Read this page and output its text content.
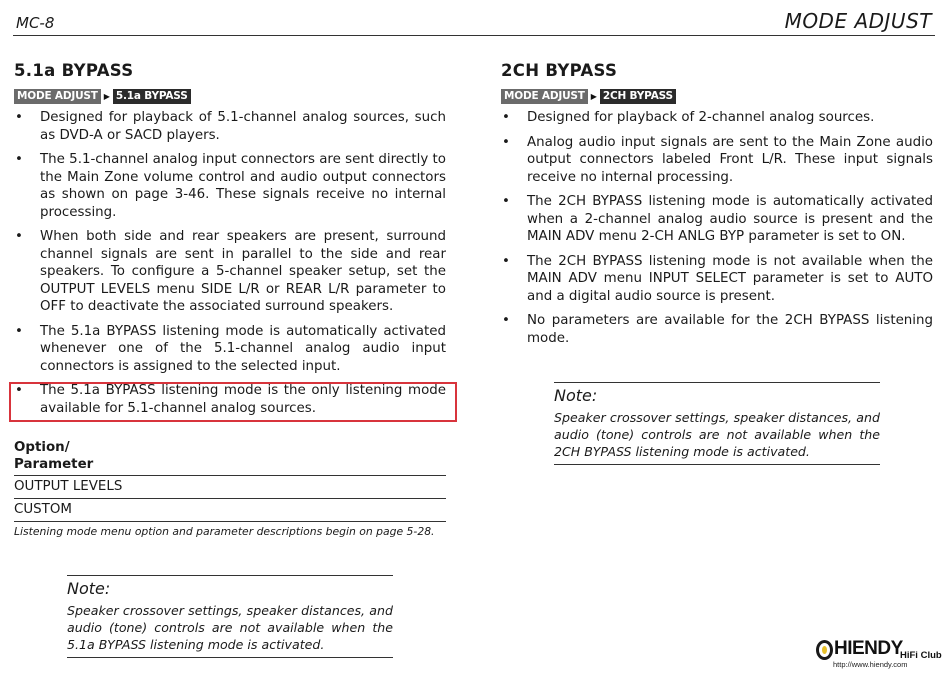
MC-8	MODE ADJUST
5.1a BYPASS
MODE ADJUST ▶ 5.1a BYPASS
• Designed for playback of 5.1-channel analog sources, such as DVD-A or SACD players.
• The 5.1-channel analog input connectors are sent directly to the Main Zone volume control and audio output connectors as shown on page 3-46. These signals receive no internal processing.
• When both side and rear speakers are present, surround channel signals are sent in parallel to the side and rear speakers. To configure a 5-channel speaker setup, set the OUTPUT LEVELS menu SIDE L/R or REAR L/R parameter to OFF to deactivate the associated surround speakers.
• The 5.1a BYPASS listening mode is automatically activated whenever one of the 5.1-channel analog audio input connectors is assigned to the selected input.
• The 5.1a BYPASS listening mode is the only listening mode available for 5.1-channel analog sources.
Option/
Parameter
OUTPUT LEVELS
CUSTOM
Listening mode menu option and parameter descriptions begin on page 5-28.
Note:
Speaker crossover settings, speaker distances, and audio (tone) controls are not available when the 5.1a BYPASS listening mode is activated.
2CH BYPASS
MODE ADJUST ▶ 2CH BYPASS
• Designed for playback of 2-channel analog sources.
• Analog audio input signals are sent to the Main Zone audio output connectors labeled Front L/R. These input signals receive no internal processing.
• The 2CH BYPASS listening mode is automatically activated when a 2-channel analog audio source is present and the MAIN ADV menu 2-CH ANLG BYP parameter is set to ON.
• The 2CH BYPASS listening mode is not available when the MAIN ADV menu INPUT SELECT parameter is set to AUTO and a digital audio source is present.
• No parameters are available for the 2CH BYPASS listening mode.
Note:
Speaker crossover settings, speaker distances, and audio (tone) controls are not available when the 2CH BYPASS listening mode is activated.
HIENDY
HiFi Club
http://www.hiendy.com
